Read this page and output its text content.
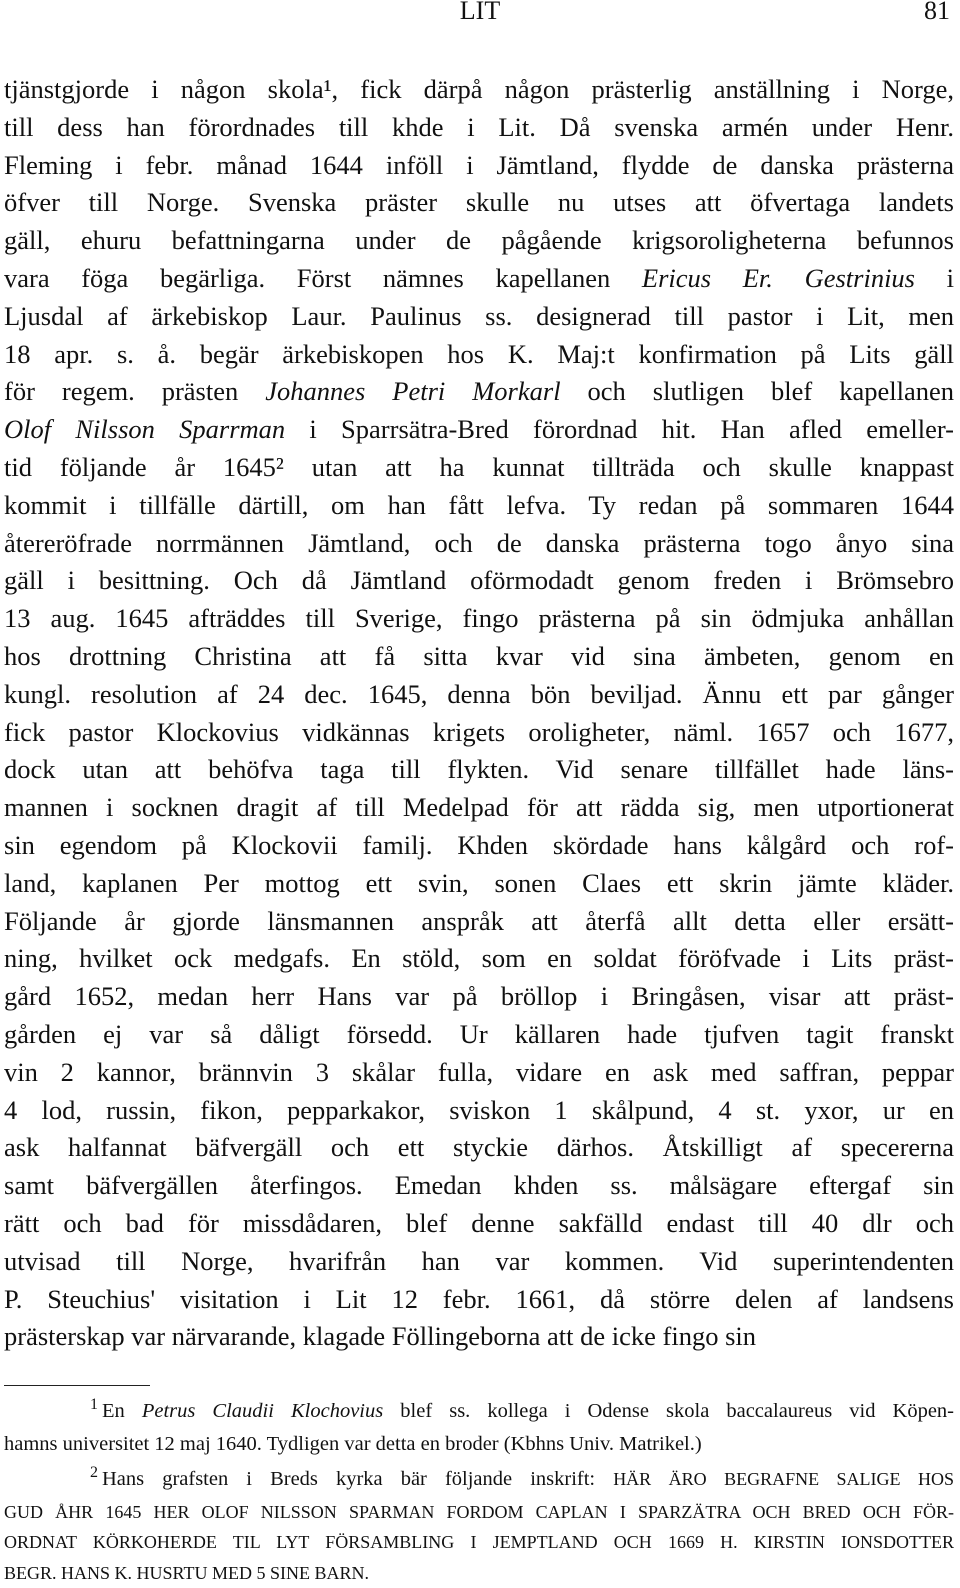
LIT	81

tjänstgjorde i någon skola¹, fick därpå någon prästerlig anställning i Norge,
till dess han förordnades till khde i Lit. Då svenska armén under Henr.
Fleming i febr. månad 1644 inföll i Jämtland, flydde de danska prästerna
öfver till Norge. Svenska präster skulle nu utses att öfvertaga landets
gäll, ehuru befattningarna under de pågående krigsoroligheterna befunnos
vara föga begärliga. Först nämnes kapellanen Ericus Er. Gestrinius i
Ljusdal af ärkebiskop Laur. Paulinus ss. designerad till pastor i Lit, men
18 apr. s. å. begär ärkebiskopen hos K. Maj:t konfirmation på Lits gäll
för regem. prästen Johannes Petri Morkarl och slutligen blef kapellanen
Olof Nilsson Sparrman i Sparrsätra-Bred förordnad hit. Han afled emeller-
tid följande år 1645² utan att ha kunnat tillträda och skulle knappast
kommit i tillfälle därtill, om han fått lefva. Ty redan på sommaren 1644
återeröfrade norrmännen Jämtland, och de danska prästerna togo ånyo sina
gäll i besittning. Och då Jämtland oförmodadt genom freden i Brömsebro
13 aug. 1645 afträddes till Sverige, fingo prästerna på sin ödmjuka anhållan
hos drottning Christina att få sitta kvar vid sina ämbeten, genom en
kungl. resolution af 24 dec. 1645, denna bön beviljad. Ännu ett par gånger
fick pastor Klockovius vidkännas krigets oroligheter, näml. 1657 och 1677,
dock utan att behöfva taga till flykten. Vid senare tillfället hade läns-
mannen i socknen dragit af till Medelpad för att rädda sig, men utportionerat
sin egendom på Klockovii familj. Khden skördade hans kålgård och rof-
land, kaplanen Per mottog ett svin, sonen Claes ett skrin jämte kläder.
Följande år gjorde länsmannen anspråk att återfå allt detta eller ersätt-
ning, hvilket ock medgafs. En stöld, som en soldat föröfvade i Lits präst-
gård 1652, medan herr Hans var på bröllop i Bringåsen, visar att präst-
gården ej var så dåligt försedd. Ur källaren hade tjufven tagit franskt
vin 2 kannor, brännvin 3 skålar fulla, vidare en ask med saffran, peppar
4 lod, russin, fikon, pepparkakor, sviskon 1 skålpund, 4 st. yxor, ur en
ask halfannat bäfvergäll och ett styckie därhos. Åtskilligt af specererna
samt bäfvergällen återfingos. Emedan khden ss. målsägare eftergaf sin
rätt och bad för missdådaren, blef denne sakfälld endast till 40 dlr och
utvisad till Norge, hvarifrån han var kommen. Vid superintendenten
P. Steuchius' visitation i Lit 12 febr. 1661, då större delen af landsens
prästerskap var närvarande, klagade Föllingeborna att de icke fingo sin

$^1$ En Petrus Claudii Klochovius blef ss. kollega i Odense skola baccalaureus vid Köpen-
hamns universitet 12 maj 1640. Tydligen var detta en broder (Kbhns Univ. Matrikel.)
$^2$ Hans grafsten i Breds kyrka bär följande inskrift: HÄR ÄRO BEGRAFNE SALIGE HOS
GUD ÅHR 1645 HER OLOF NILSSON SPARMAN FORDOM CAPLAN I SPARZÄTRA OCH BRED OCH FÖR-
ORDNAT KÖRKOHERDE TIL LYT FÖRSAMBLING I JEMPTLAND OCH 1669 H. KIRSTIN IONSDOTTER
BEGR. HANS K. HUSRTU MED 5 SINE BARN.
